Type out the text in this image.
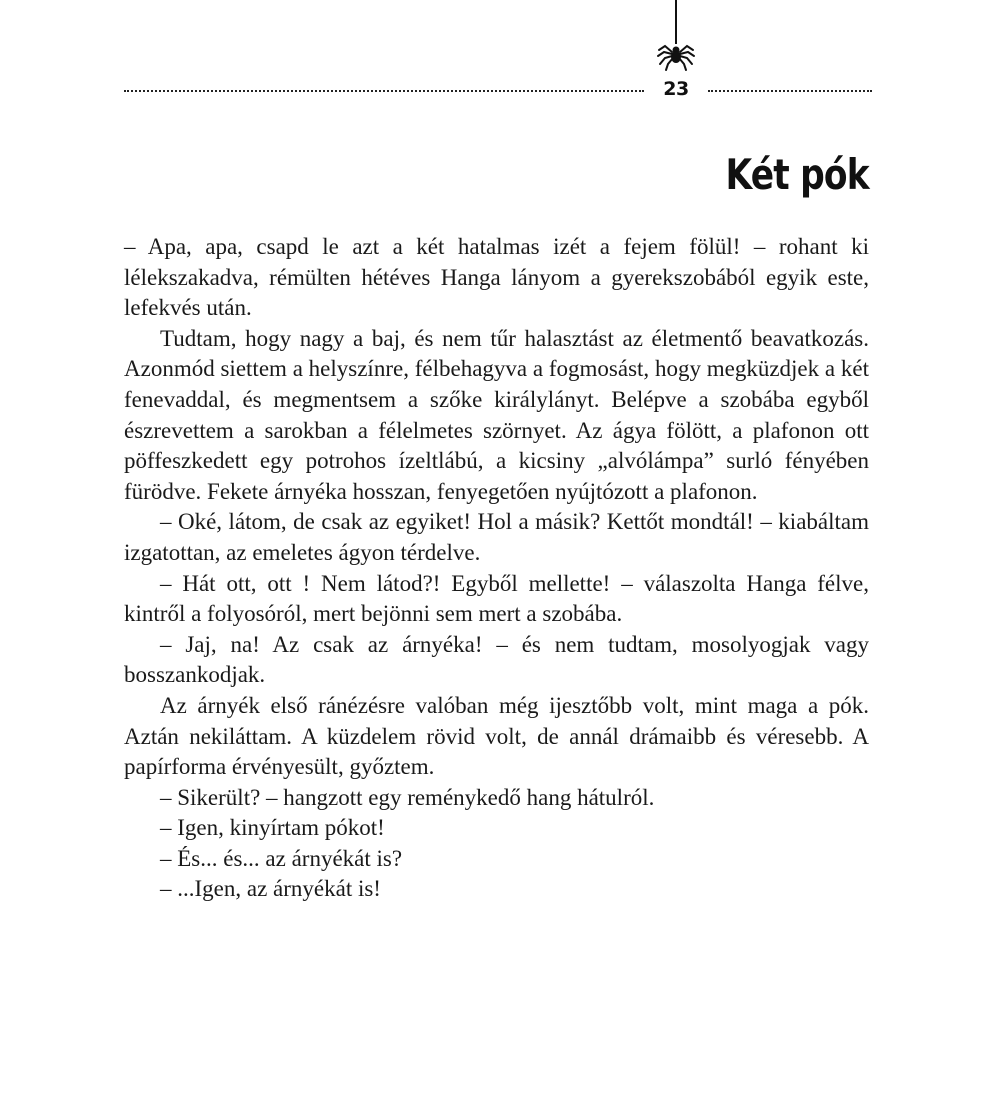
23
Két pók

– Apa, apa, csapd le azt a két hatalmas izét a fejem fölül! – rohant ki lélekszakadva, rémülten hétéves Hanga lányom a gyerekszobából egyik este, lefekvés után.

Tudtam, hogy nagy a baj, és nem tűr halasztást az életmentő beavatkozás. Azonmód siettem a helyszínre, félbehagyva a fogmosást, hogy megküzdjek a két fenevaddal, és megmentsem a szőke királylányt. Belépve a szobába egyből észrevettem a sarokban a félelmetes szörnyet. Az ágya fölött, a plafonon ott pöffeszkedett egy potrohos ízeltlábú, a kicsiny „alvólámpa” surló fényében fürödve. Fekete árnyéka hosszan, fenyegetően nyújtózott a plafonon.

– Oké, látom, de csak az egyiket! Hol a másik? Kettőt mondtál! – kiabáltam izgatottan, az emeletes ágyon térdelve.

– Hát ott, ott ! Nem látod?! Egyből mellette! – válaszolta Hanga félve, kintről a folyosóról, mert bejönni sem mert a szobába.

– Jaj, na! Az csak az árnyéka! – és nem tudtam, mosolyogjak vagy bosszankodjak.

Az árnyék első ránézésre valóban még ijesztőbb volt, mint maga a pók. Aztán nekiláttam. A küzdelem rövid volt, de annál drámaibb és véresebb. A papírforma érvényesült, győztem.

– Sikerült? – hangzott egy reménykedő hang hátulról.

– Igen, kinyírtam pókot!

– És... és... az árnyékát is?

– ...Igen, az árnyékát is!
